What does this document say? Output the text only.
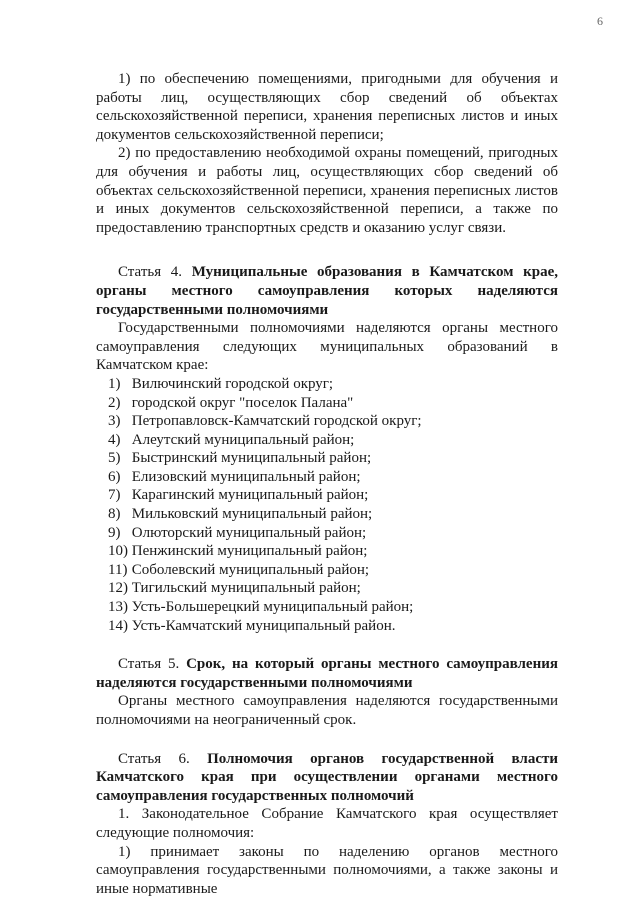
6

1) по обеспечению помещениями, пригодными для обучения и работы лиц, осуществляющих сбор сведений об объектах сельскохозяйственной переписи, хранения переписных листов и иных документов сельскохозяйственной переписи;

2) по предоставлению необходимой охраны помещений, пригодных для обучения и работы лиц, осуществляющих сбор сведений об объектах сельскохозяйственной переписи, хранения переписных листов и иных документов сельскохозяйственной переписи, а также по предоставлению транспортных средств и оказанию услуг связи.

Статья 4. Муниципальные образования в Камчатском крае, органы местного самоуправления которых наделяются государственными полномочиями

Государственными полномочиями наделяются органы местного самоуправления следующих муниципальных образований в Камчатском крае:

1) Вилючинский городской округ;
2) городской округ "поселок Палана"
3) Петропавловск-Камчатский городской округ;
4) Алеутский муниципальный район;
5) Быстринский муниципальный район;
6) Елизовский муниципальный район;
7) Карагинский муниципальный район;
8) Мильковский муниципальный район;
9) Олюторский муниципальный район;
10) Пенжинский муниципальный район;
11) Соболевский муниципальный район;
12) Тигильский муниципальный район;
13) Усть-Большерецкий муниципальный район;
14) Усть-Камчатский муниципальный район.

Статья 5. Срок, на который органы местного самоуправления наделяются государственными полномочиями

Органы местного самоуправления наделяются государственными полномочиями на неограниченный срок.

Статья 6. Полномочия органов государственной власти Камчатского края при осуществлении органами местного самоуправления государственных полномочий

1. Законодательное Собрание Камчатского края осуществляет следующие полномочия:

1) принимает законы по наделению органов местного самоуправления государственными полномочиями, а также законы и иные нормативные
